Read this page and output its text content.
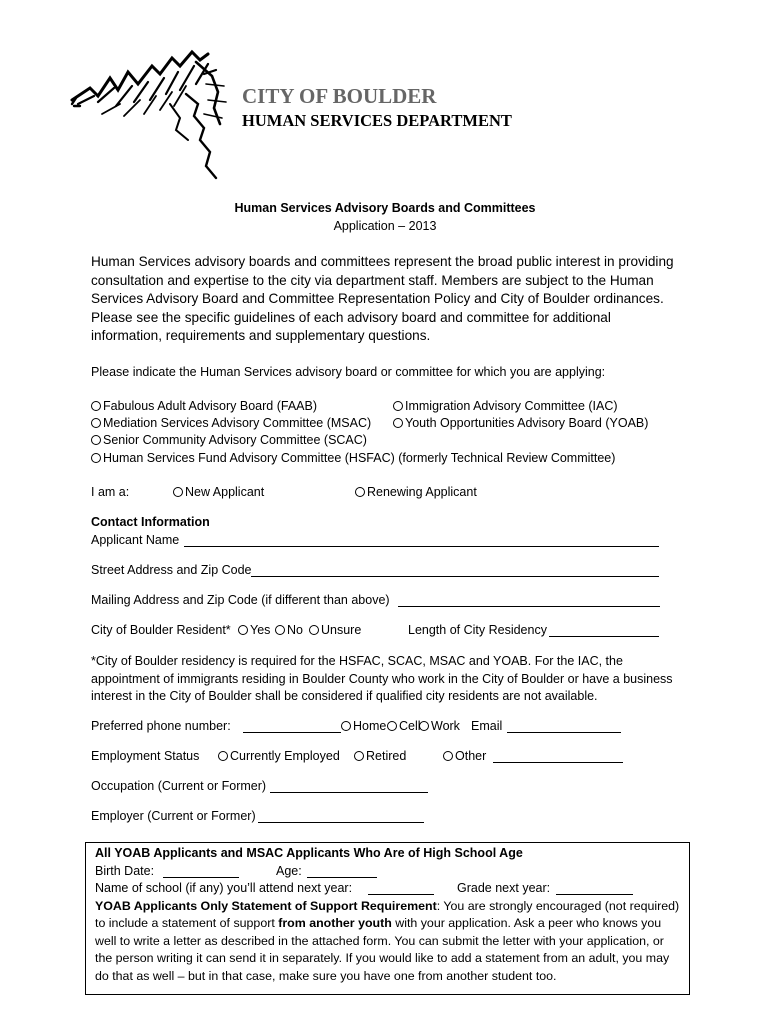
CITY OF BOULDER
HUMAN SERVICES DEPARTMENT
Human Services Advisory Boards and Committees
Application – 2013
Human Services advisory boards and committees represent the broad public interest in providing consultation and expertise to the city via department staff. Members are subject to the Human Services Advisory Board and Committee Representation Policy and City of Boulder ordinances. Please see the specific guidelines of each advisory board and committee for additional information, requirements and supplementary questions.
Please indicate the Human Services advisory board or committee for which you are applying:
Fabulous Adult Advisory Board (FAAB)	Immigration Advisory Committee (IAC)
Mediation Services Advisory Committee (MSAC)	Youth Opportunities Advisory Board (YOAB)
Senior Community Advisory Committee (SCAC)
Human Services Fund Advisory Committee (HSFAC) (formerly Technical Review Committee)
I am a:	New Applicant	Renewing Applicant
Contact Information
Applicant Name
Street Address and Zip Code
Mailing Address and Zip Code (if different than above)
City of Boulder Resident*	Yes	No	Unsure	Length of City Residency
*City of Boulder residency is required for the HSFAC, SCAC, MSAC and YOAB. For the IAC, the appointment of immigrants residing in Boulder County who work in the City of Boulder or have a business interest in the City of Boulder shall be considered if qualified city residents are not available.
Preferred phone number:	Home	Cell Work Email
Employment Status	Currently Employed	Retired	Other
Occupation (Current or Former)
Employer (Current or Former)
All YOAB Applicants and MSAC Applicants Who Are of High School Age
Birth Date:	Age:
Name of school (if any) you’ll attend next year:	Grade next year:
YOAB Applicants Only Statement of Support Requirement: You are strongly encouraged (not required) to include a statement of support from another youth with your application. Ask a peer who knows you well to write a letter as described in the attached form. You can submit the letter with your application, or the person writing it can send it in separately. If you would like to add a statement from an adult, you may do that as well – but in that case, make sure you have one from another student too.
